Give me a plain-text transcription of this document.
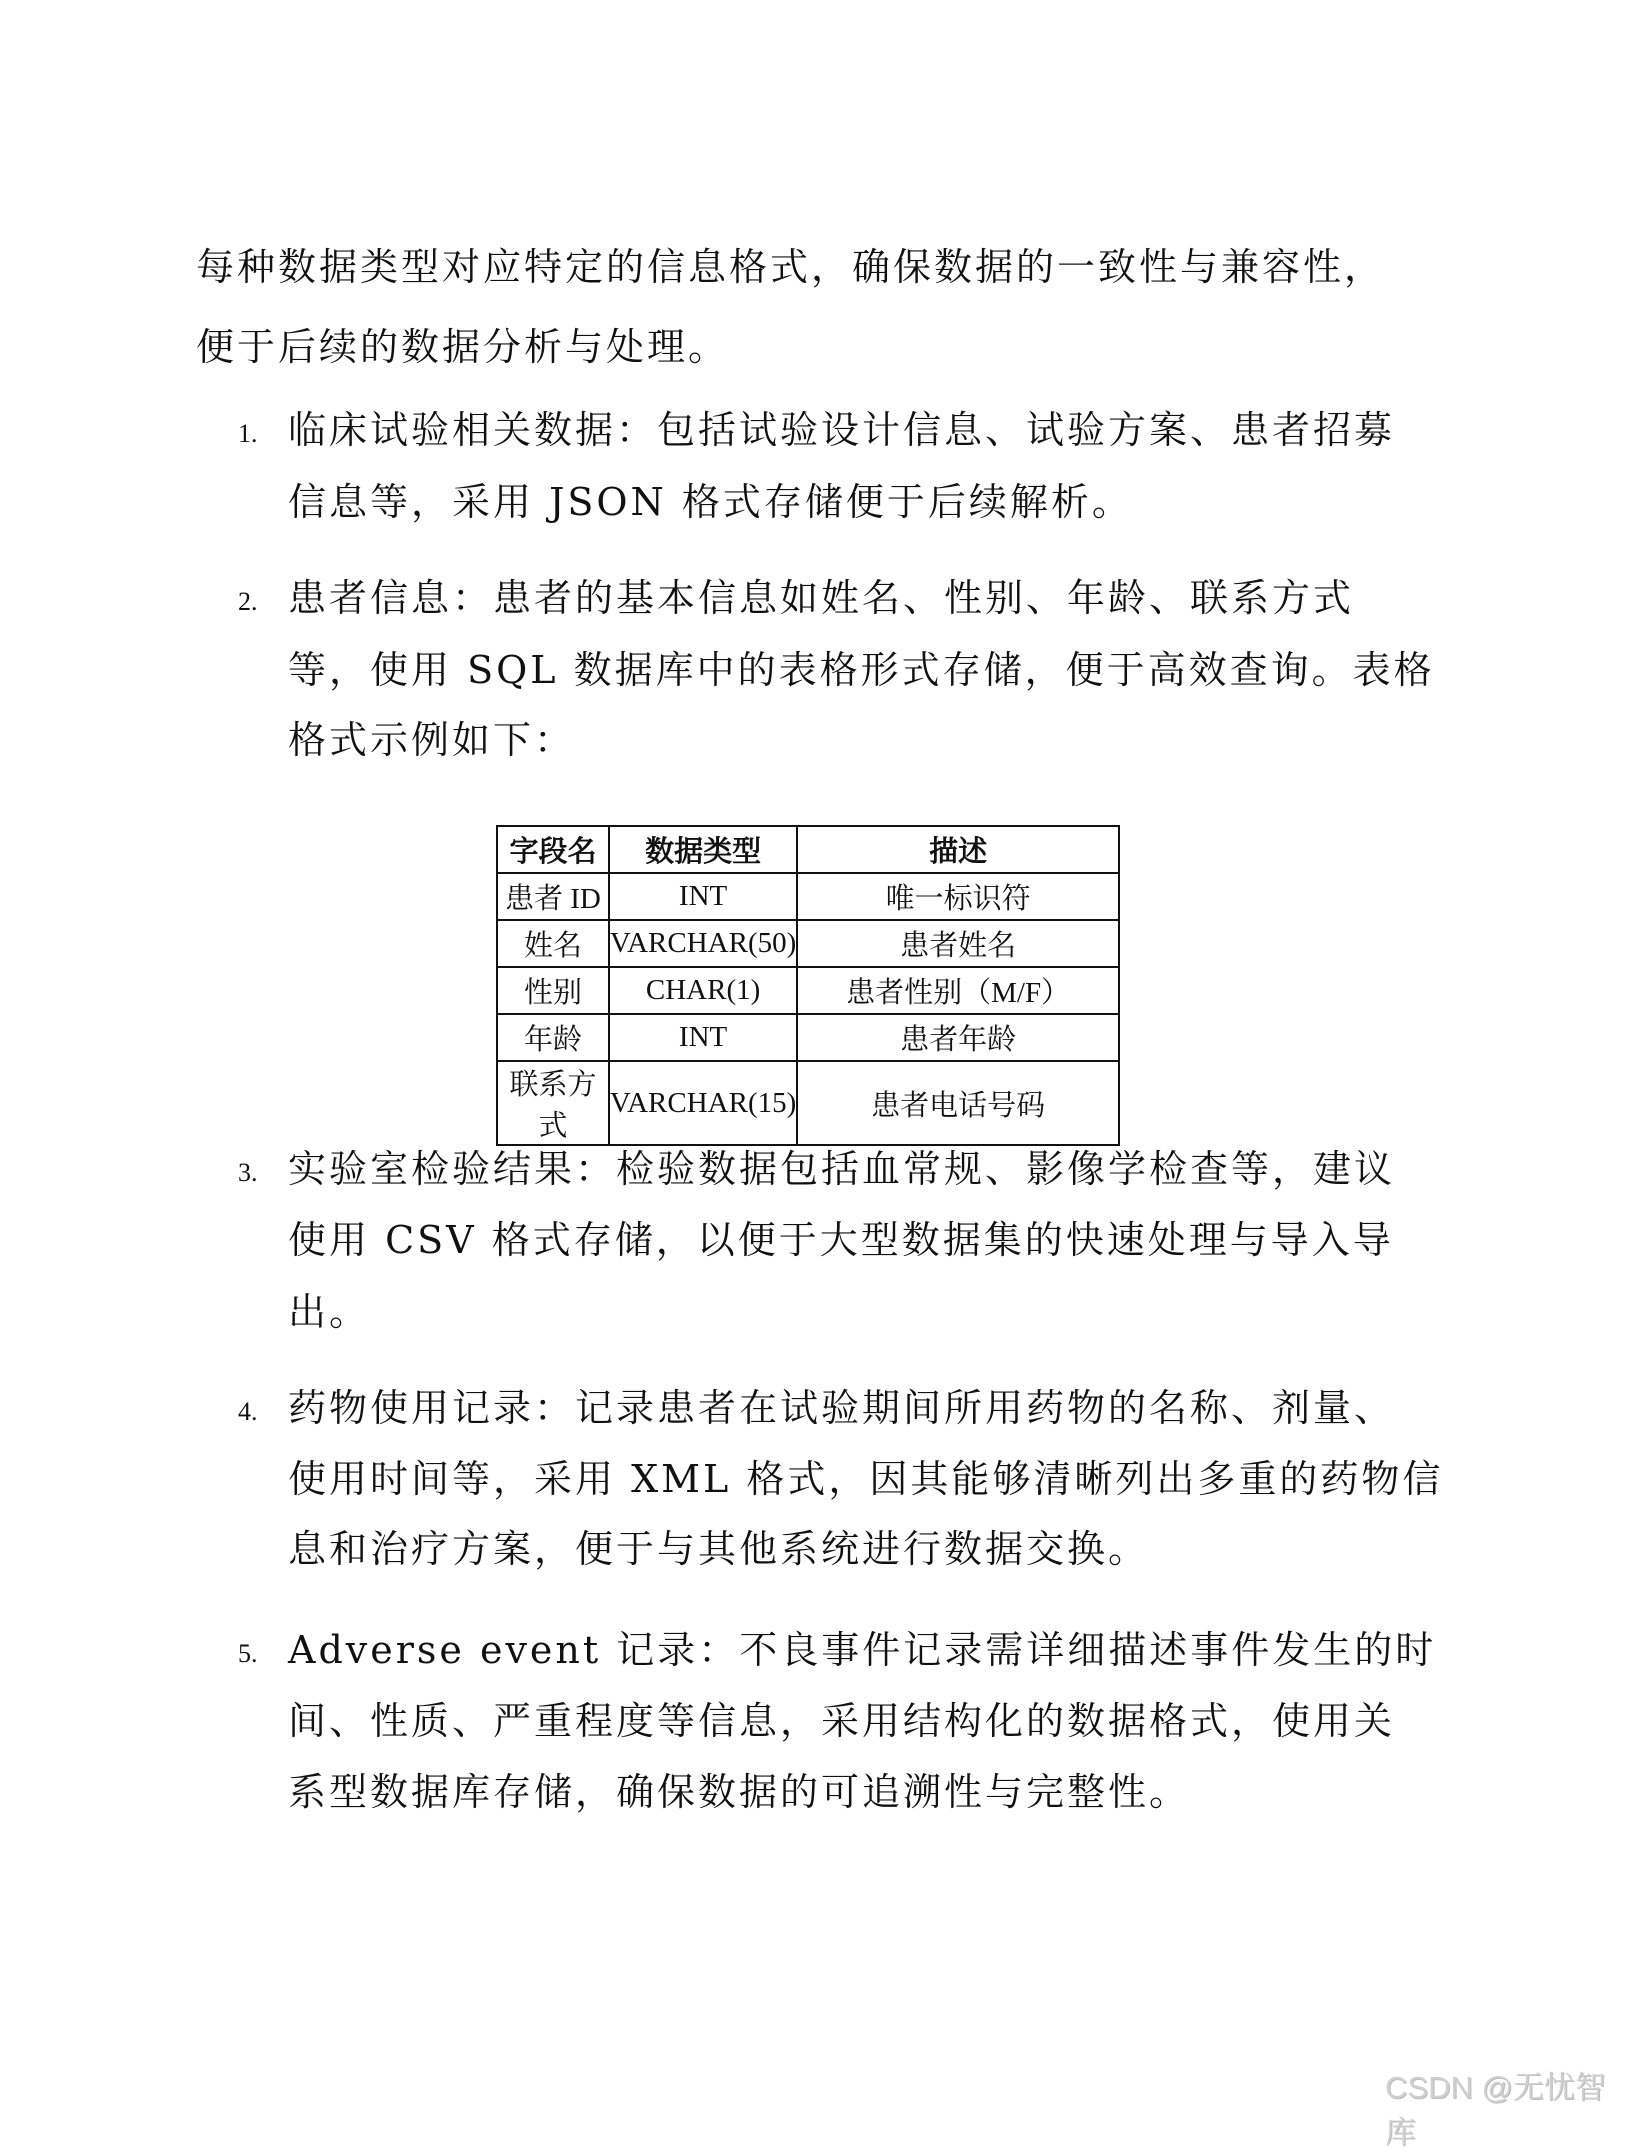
每种数据类型对应特定的信息格式，确保数据的一致性与兼容性，
便于后续的数据分析与处理。
1. 临床试验相关数据：包括试验设计信息、试验方案、患者招募
信息等，采用 JSON 格式存储便于后续解析。
2. 患者信息：患者的基本信息如姓名、性别、年龄、联系方式
等，使用 SQL 数据库中的表格形式存储，便于高效查询。表格
格式示例如下：
字段名	数据类型	描述
患者 ID	INT	唯一标识符
姓名	VARCHAR(50)	患者姓名
性别	CHAR(1)	患者性别（M/F）
年龄	INT	患者年龄
联系方式	VARCHAR(15)	患者电话号码
3. 实验室检验结果：检验数据包括血常规、影像学检查等，建议
使用 CSV 格式存储，以便于大型数据集的快速处理与导入导
出。
4. 药物使用记录：记录患者在试验期间所用药物的名称、剂量、
使用时间等，采用 XML 格式，因其能够清晰列出多重的药物信
息和治疗方案，便于与其他系统进行数据交换。
5. Adverse event 记录：不良事件记录需详细描述事件发生的时
间、性质、严重程度等信息，采用结构化的数据格式，使用关
系型数据库存储，确保数据的可追溯性与完整性。
CSDN @无忧智库
